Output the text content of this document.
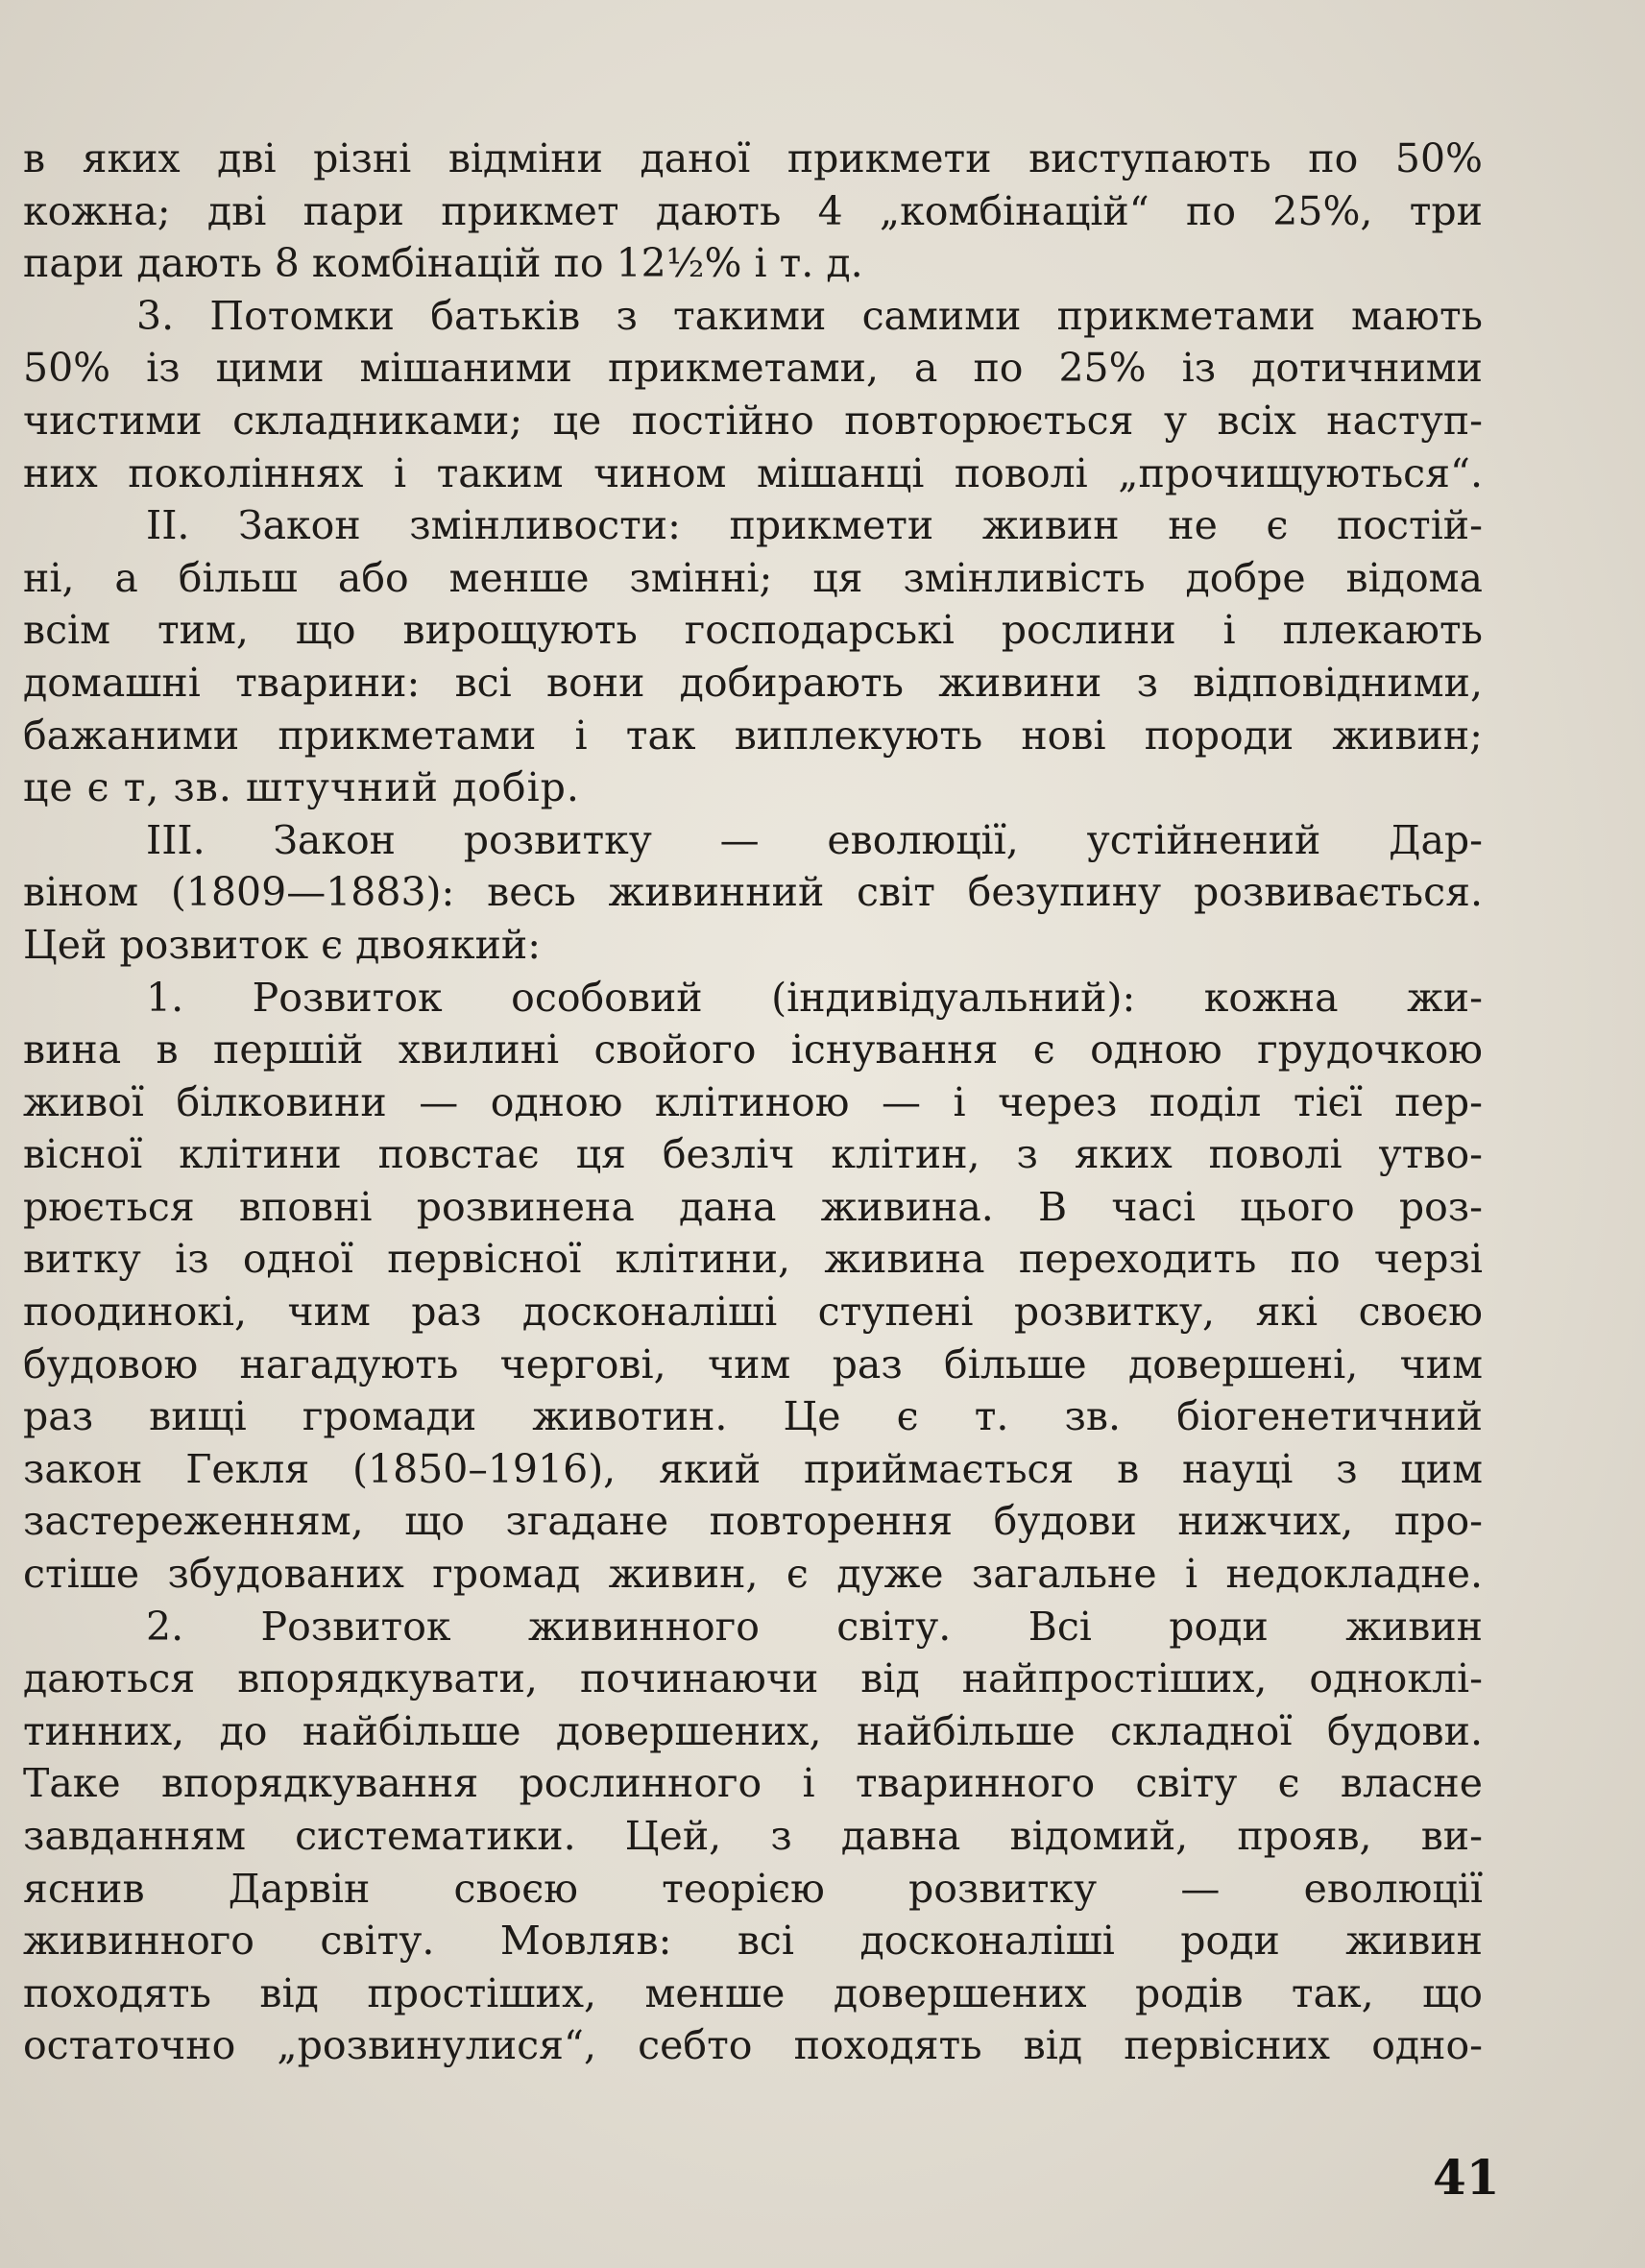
в яких дві різні відміни даної прикмети виступають по 50%
кожна; дві пари прикмет дають 4 „комбінацій“ по 25%, три
пари дають 8 комбінацій по 12½% і т. д.
3. Потомки батьків з такими самими прикметами мають
50% із цими мішаними прикметами, а по 25% із дотичними
чистими складниками; це постійно повторюється у всіх наступ-
них поколіннях і таким чином мішанці поволі „прочищуються“.
II. Закон змінливости: прикмети живин не є постій-
ні, а більш або менше змінні; ця змінливість добре відома
всім тим, що вирощують господарські рослини і плекають
домашні тварини: всі вони добирають живини з відповідними,
бажаними прикметами і так виплекують нові породи живин;
це є т, зв. штучний добір.
III. Закон розвитку — еволюції, устійнений Дар-
віном (1809—1883): весь живинний світ безупину розвивається.
Цей розвиток є двоякий:
1. Розвиток особовий (індивідуальний): кожна жи-
вина в першій хвилині свойого існування є одною грудочкою
живої білковини — одною клітиною — і через поділ тієї пер-
вісної клітини повстає ця безліч клітин, з яких поволі утво-
рюється вповні розвинена дана живина. В часі цього роз-
витку із одної первісної клітини, живина переходить по черзі
поодинокі, чим раз досконаліші ступені розвитку, які своєю
будовою нагадують чергові, чим раз більше довершені, чим
раз вищі громади животин. Це є т. зв. біогенетичний
закон Гекля (1850–1916), який приймається в науці з цим
застереженням, що згадане повторення будови нижчих, про-
стіше збудованих громад живин, є дуже загальне і недокладне.
2. Розвиток живинного світу. Всі роди живин
даються впорядкувати, починаючи від найпростіших, одноклі-
тинних, до найбільше довершених, найбільше складної будови.
Таке впорядкування рослинного і тваринного світу є власне
завданням систематики. Цей, з давна відомий, прояв, ви-
яснив Дарвін своєю теорією розвитку — еволюції
живинного світу. Мовляв: всі досконаліші роди живин
походять від простіших, менше довершених родів так, що
остаточно „розвинулися“, себто походять від первісних одно-
41
